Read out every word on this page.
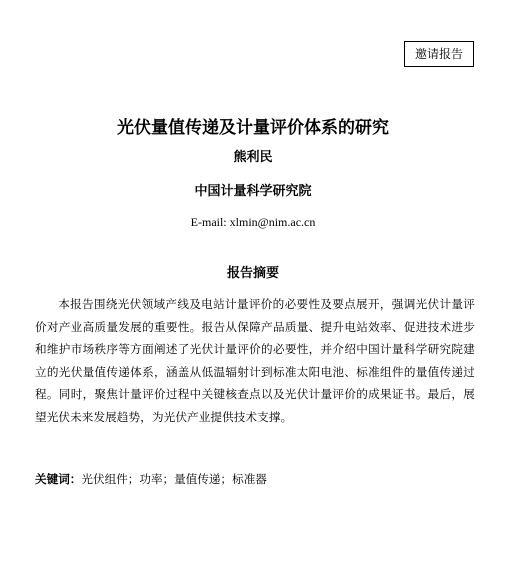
邀请报告
光伏量值传递及计量评价体系的研究
熊利民
中国计量科学研究院
E-mail: xlmin@nim.ac.cn
报告摘要
本报告围绕光伏领域产线及电站计量评价的必要性及要点展开，强调光伏计量评价对产业高质量发展的重要性。报告从保障产品质量、提升电站效率、促进技术进步和维护市场秩序等方面阐述了光伏计量评价的必要性，并介绍中国计量科学研究院建立的光伏量值传递体系，涵盖从低温辐射计到标准太阳电池、标准组件的量值传递过程。同时，聚焦计量评价过程中关键核查点以及光伏计量评价的成果证书。最后，展望光伏未来发展趋势，为光伏产业提供技术支撑。
关键词：光伏组件；功率；量值传递；标准器
